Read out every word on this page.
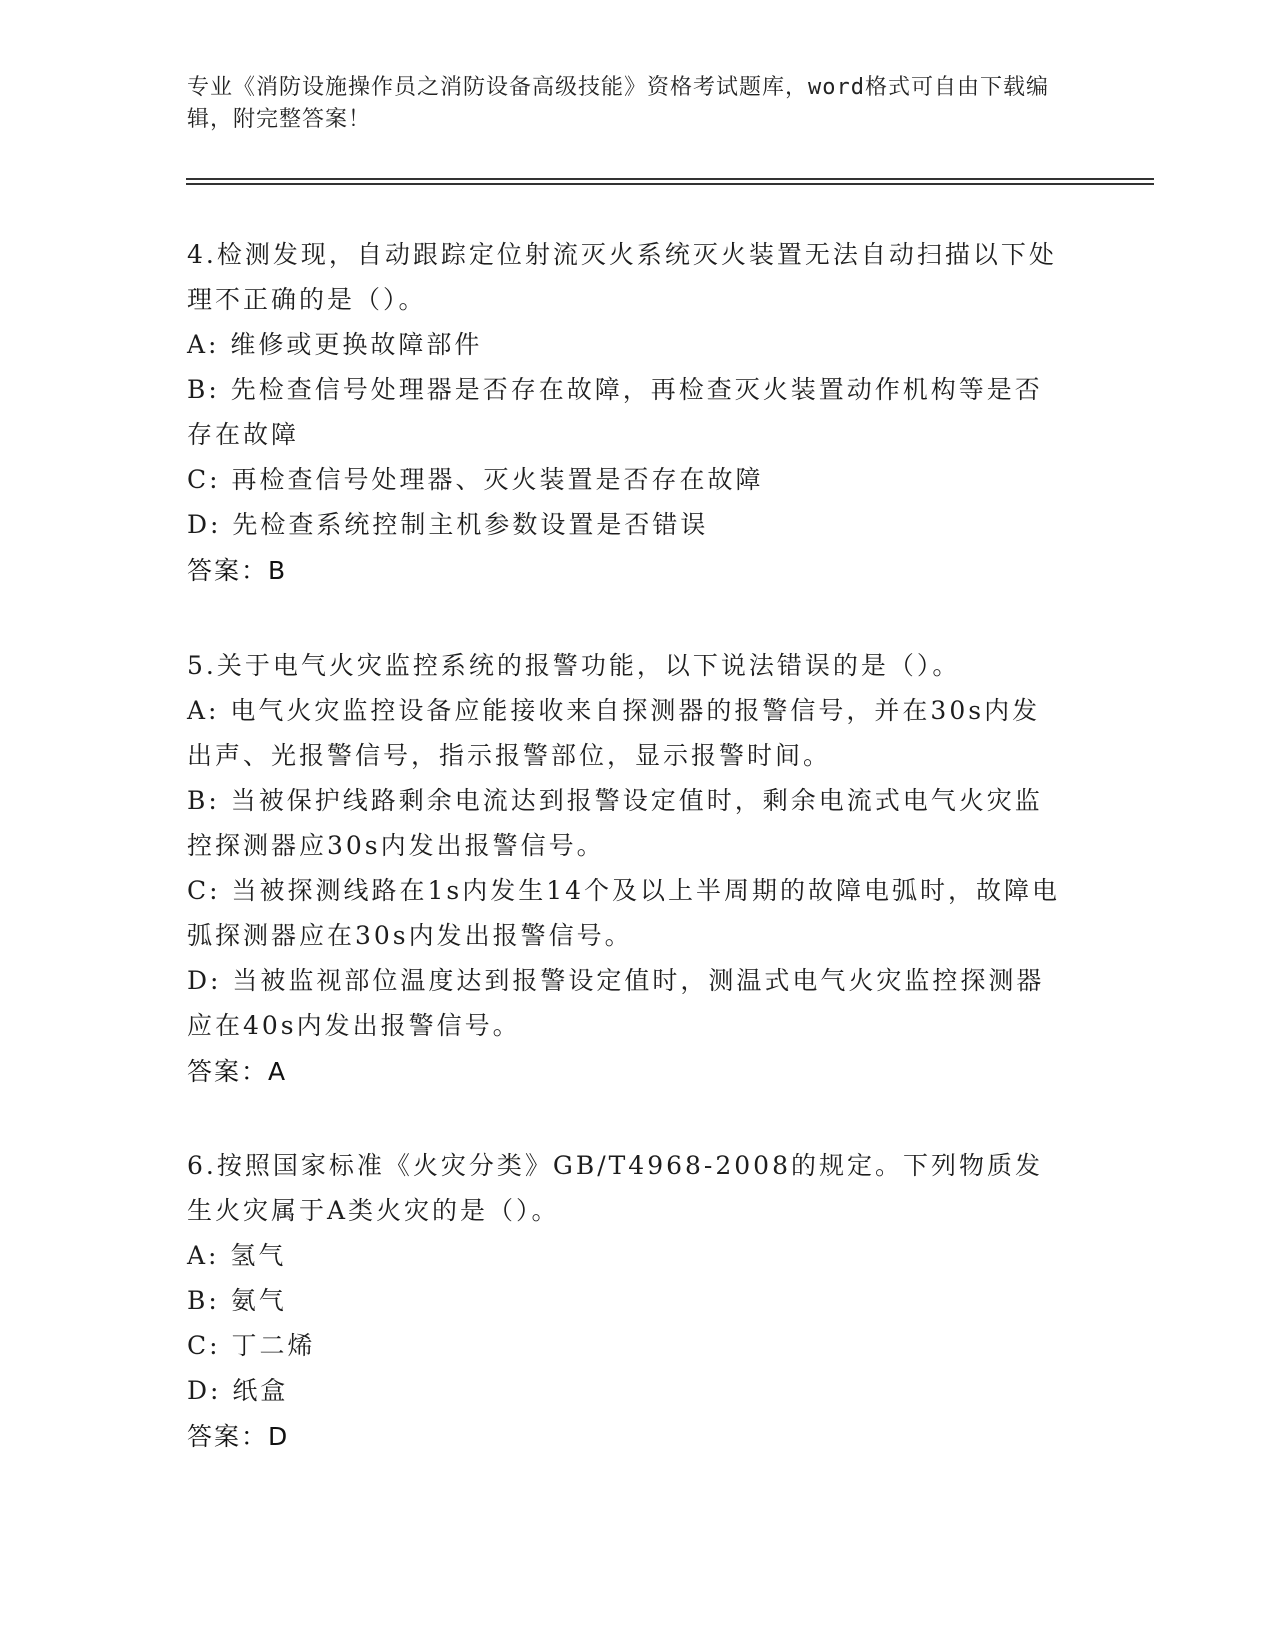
专业《消防设施操作员之消防设备高级技能》资格考试题库，word格式可自由下载编辑，附完整答案！
4.检测发现，自动跟踪定位射流灭火系统灭火装置无法自动扫描以下处理不正确的是（）。
A: 维修或更换故障部件
B: 先检查信号处理器是否存在故障，再检查灭火装置动作机构等是否存在故障
C: 再检查信号处理器、灭火装置是否存在故障
D: 先检查系统控制主机参数设置是否错误
答案：B
5.关于电气火灾监控系统的报警功能，以下说法错误的是（）。
A: 电气火灾监控设备应能接收来自探测器的报警信号，并在30s内发出声、光报警信号，指示报警部位，显示报警时间。
B: 当被保护线路剩余电流达到报警设定值时，剩余电流式电气火灾监控探测器应30s内发出报警信号。
C: 当被探测线路在1s内发生14个及以上半周期的故障电弧时，故障电弧探测器应在30s内发出报警信号。
D: 当被监视部位温度达到报警设定值时，测温式电气火灾监控探测器应在40s内发出报警信号。
答案：A
6.按照国家标准《火灾分类》GB/T4968-2008的规定。下列物质发生火灾属于A类火灾的是（）。
A: 氢气
B: 氨气
C: 丁二烯
D: 纸盒
答案：D
